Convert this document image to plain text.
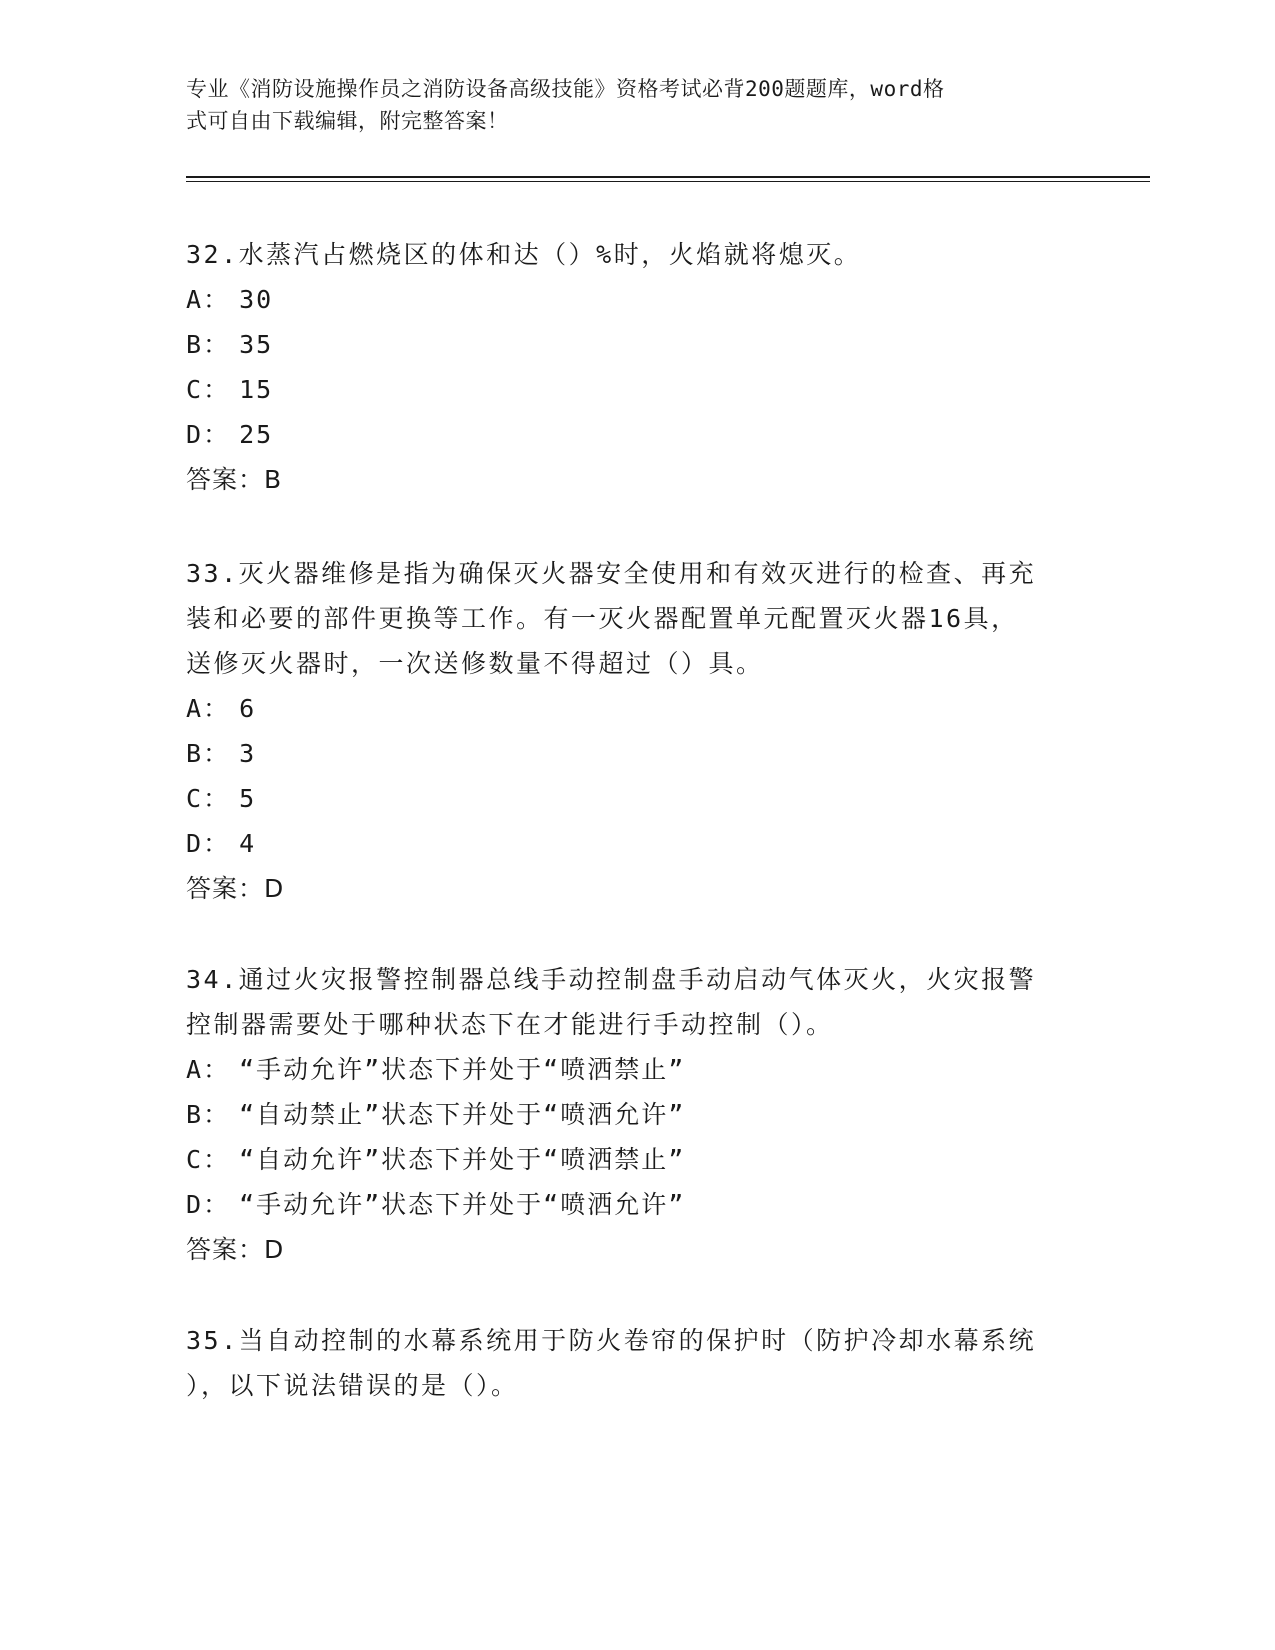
专业《消防设施操作员之消防设备高级技能》资格考试必背200题题库，word格
式可自由下载编辑，附完整答案！

32.水蒸汽占燃烧区的体和达（）%时，火焰就将熄灭。

A ： 30

B ： 35

C ： 15

D ： 25

答案：B

33.灭火器维修是指为确保灭火器安全使用和有效灭进行的检查、再充

装和必要的部件更换等工作。有一灭火器配置单元配置灭火器16具，

送修灭火器时，一次送修数量不得超过（）具。

A ： 6

B ： 3

C ： 5

D ： 4

答案：D

34.通过火灾报警控制器总线手动控制盘手动启动气体灭火，火灾报警

控制器需要处于哪种状态下在才能进行手动控制（）。

A ： “手动允许”状态下并处于“喷洒禁止”

B ： “自动禁止”状态下并处于“喷洒允许”

C ： “自动允许”状态下并处于“喷洒禁止”

D ： “手动允许”状态下并处于“喷洒允许”

答案：D

35.当自动控制的水幕系统用于防火卷帘的保护时（防护冷却水幕系统

），以下说法错误的是（）。
